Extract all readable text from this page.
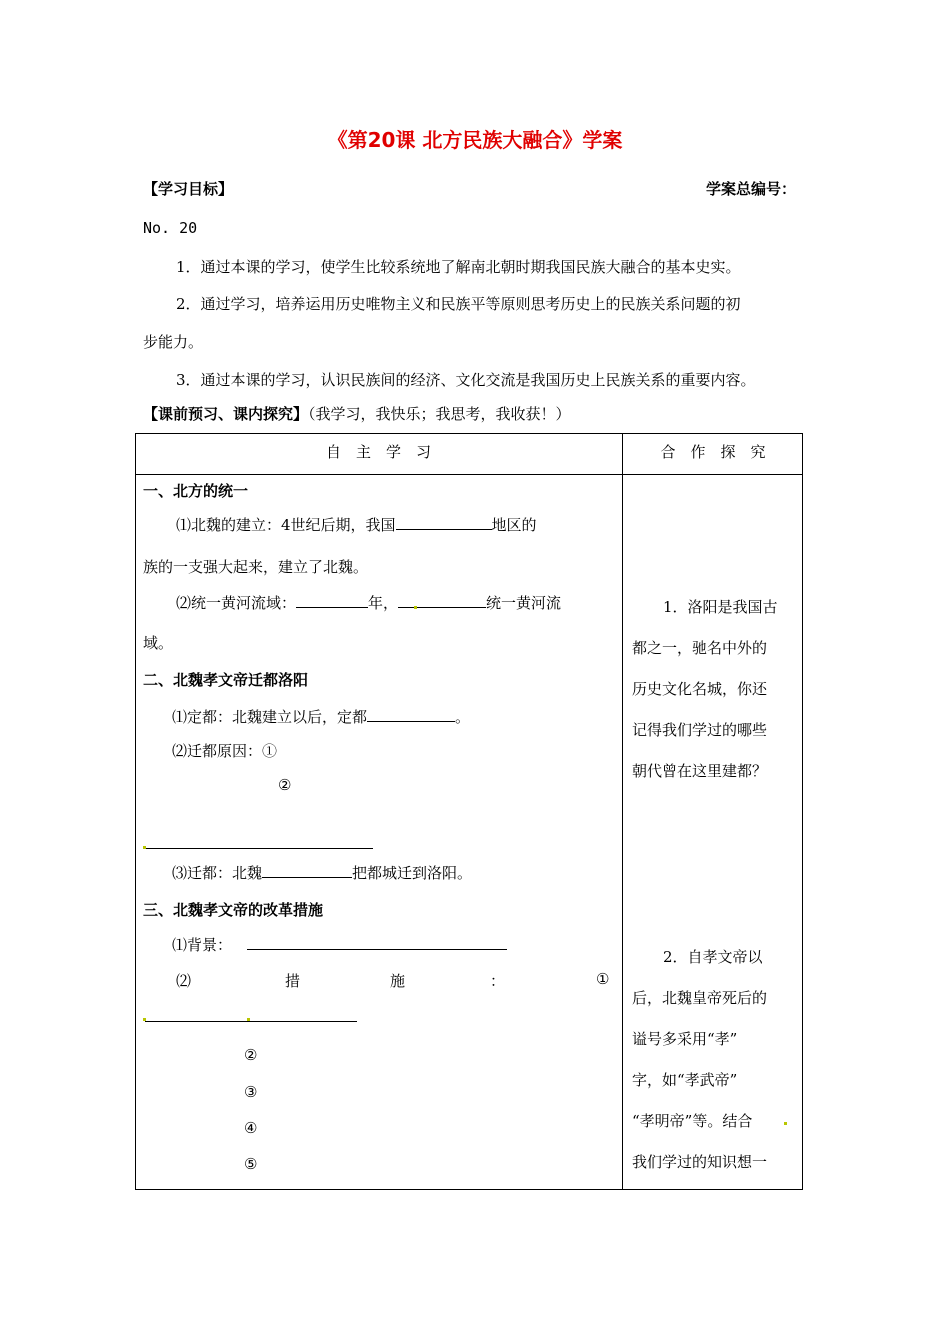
《第20课 北方民族大融合》学案
【学习目标】	学案总编号：
No. 20
1．通过本课的学习，使学生比较系统地了解南北朝时期我国民族大融合的基本史实。
2．通过学习，培养运用历史唯物主义和民族平等原则思考历史上的民族关系问题的初
步能力。
3．通过本课的学习，认识民族间的经济、文化交流是我国历史上民族关系的重要内容。
【课前预习、课内探究】（我学习，我快乐；我思考，我收获！）
自　主　学　习	合　作　探　究
一、北方的统一
⑴北魏的建立：4世纪后期，我国	地区的
族的一支强大起来，建立了北魏。
⑵统一黄河流域：	年，	统一黄河流
域。
二、北魏孝文帝迁都洛阳
⑴定都：北魏建立以后，定都	。
⑵迁都原因：①
②
⑶迁都：北魏	把都城迁到洛阳。
三、北魏孝文帝的改革措施
⑴背景：
⑵	措	施	：	①
②
③
④
⑤
1．洛阳是我国古
都之一，驰名中外的
历史文化名城，你还
记得我们学过的哪些
朝代曾在这里建都？
2．自孝文帝以
后，北魏皇帝死后的
谥号多采用“孝”
字，如“孝武帝”
“孝明帝”等。结合
我们学过的知识想一
